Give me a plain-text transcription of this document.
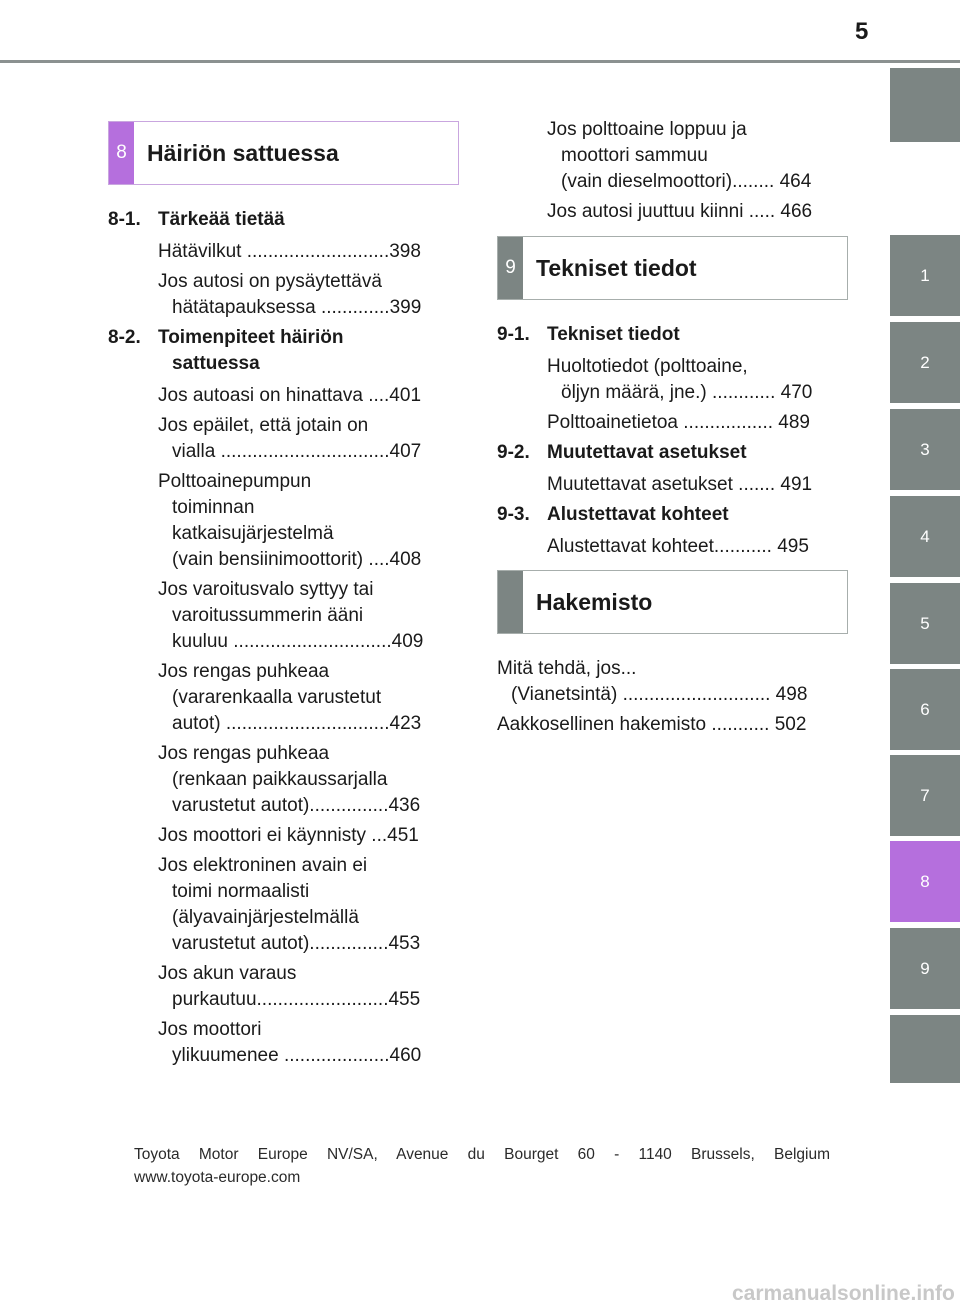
5
1
2
3
4
5
6
7
8
9
8 Häiriön sattuessa
8-1. Tärkeää tietää
Hätävilkut ...........................398
Jos autosi on pysäytettävä
hätätapauksessa .............399
8-2. Toimenpiteet häiriön
sattuessa
Jos autoasi on hinattava ....401
Jos epäilet, että jotain on
vialla ................................407
Polttoainepumpun
toiminnan
katkaisujärjestelmä
(vain bensiinimoottorit) ....408
Jos varoitusvalo syttyy tai
varoitussummerin ääni
kuuluu ..............................409
Jos rengas puhkeaa
(vararenkaalla varustetut
autot) ...............................423
Jos rengas puhkeaa
(renkaan paikkaussarjalla
varustetut autot)...............436
Jos moottori ei käynnisty ...451
Jos elektroninen avain ei
toimi normaalisti
(älyavainjärjestelmällä
varustetut autot)...............453
Jos akun varaus
purkautuu.........................455
Jos moottori
ylikuumenee ....................460
Jos polttoaine loppuu ja
moottori sammuu
(vain dieselmoottori)........ 464
Jos autosi juuttuu kiinni ..... 466
9 Tekniset tiedot
9-1. Tekniset tiedot
Huoltotiedot (polttoaine,
öljyn määrä, jne.) ............ 470
Polttoainetietoa ................. 489
9-2. Muutettavat asetukset
Muutettavat asetukset ....... 491
9-3. Alustettavat kohteet
Alustettavat kohteet........... 495
Hakemisto
Mitä tehdä, jos...
(Vianetsintä) ............................ 498
Aakkosellinen hakemisto ........... 502
Toyota Motor Europe NV/SA, Avenue du Bourget 60 - 1140 Brussels, Belgium
www.toyota-europe.com
carmanualsonline.info
